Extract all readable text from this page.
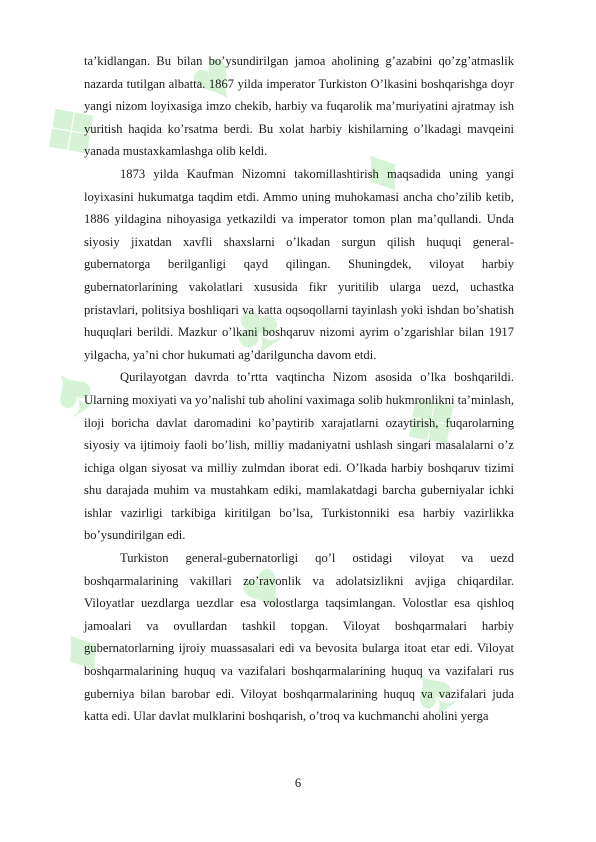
❖
♥
♦
♠
♣
❖
♦
♥
♠

ta’kidlangan. Bu bilan bo’ysundirilgan jamoa aholining g’azabini qo’zg’atmaslik nazarda tutilgan albatta. 1867 yilda imperator Turkiston O’lkasini boshqarishga doyr yangi nizom loyixasiga imzo chekib, harbiy va fuqarolik ma’muriyatini ajratmay ish yuritish haqida ko’rsatma berdi. Bu xolat harbiy kishilarning o’lkadagi mavqeini yanada mustaxkamlashga olib keldi.

1873 yilda Kaufman Nizomni takomillashtirish maqsadida uning yangi loyixasini hukumatga taqdim etdi. Ammo uning muhokamasi ancha cho’zilib ketib, 1886 yildagina nihoyasiga yetkazildi va imperator tomon plan ma’qullandi. Unda siyosiy jixatdan xavfli shaxslarni o’lkadan surgun qilish huquqi general-gubernatorga berilganligi qayd qilingan. Shuningdek, viloyat harbiy gubernatorlarining vakolatlari xususida fikr yuritilib ularga uezd, uchastka pristavlari, politsiya boshliqari va katta oqsoqollarni tayinlash yoki ishdan bo’shatish huquqlari berildi. Mazkur o’lkani boshqaruv nizomi ayrim o’zgarishlar bilan 1917 yilgacha, ya’ni chor hukumati ag’darilguncha davom etdi.

Qurilayotgan davrda to’rtta vaqtincha Nizom asosida o’lka boshqarildi. Ularning moxiyati va yo’nalishi tub aholini vaximaga solib hukmronlikni ta’minlash, iloji boricha davlat daromadini ko’paytirib xarajatlarni ozaytirish, fuqarolarning siyosiy va ijtimoiy faoli bo’lish, milliy madaniyatni ushlash singari masalalarni o’z ichiga olgan siyosat va milliy zulmdan iborat edi. O’lkada harbiy boshqaruv tizimi shu darajada muhim va mustahkam ediki, mamlakatdagi barcha guberniyalar ichki ishlar vazirligi tarkibiga kiritilgan bo’lsa, Turkistonniki esa harbiy vazirlikka bo’ysundirilgan edi.

Turkiston general-gubernatorligi qo’l ostidagi viloyat va uezd boshqarmalarining vakillari zo’ravonlik va adolatsizlikni avjiga chiqardilar. Viloyatlar uezdlarga uezdlar esa volostlarga taqsimlangan. Volostlar esa qishloq jamoalari va ovullardan tashkil topgan. Viloyat boshqarmalari harbiy gubernatorlarning ijroiy muassasalari edi va bevosita bularga itoat etar edi. Viloyat boshqarmalarining huquq va vazifalari boshqarmalarining huquq va vazifalari rus guberniya bilan barobar edi. Viloyat boshqarmalarining huquq va vazifalari juda katta edi. Ular davlat mulklarini boshqarish, o’troq va kuchmanchi aholini yerga

6
